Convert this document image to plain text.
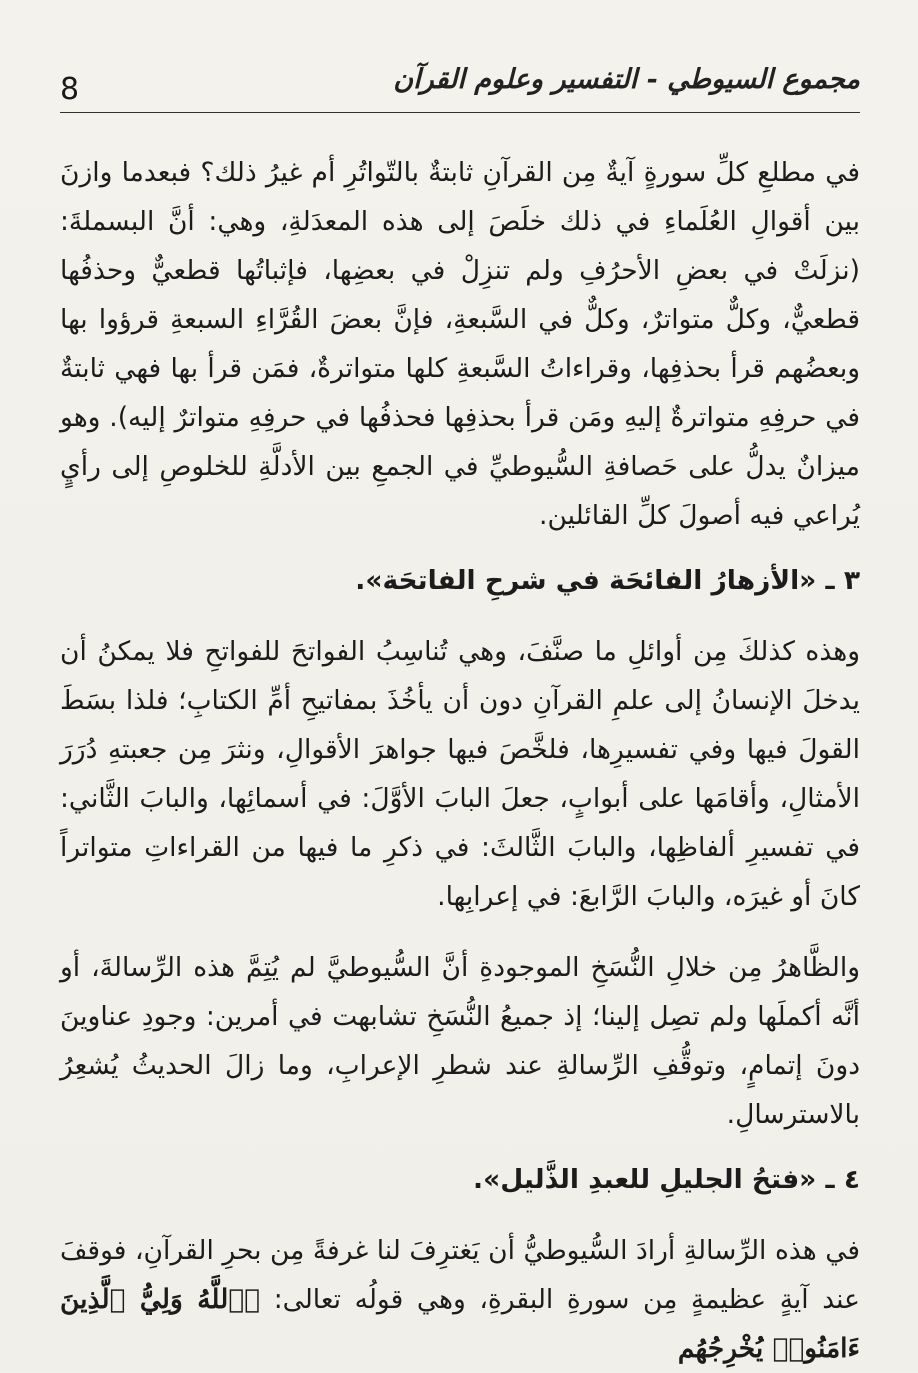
8	مجموع السيوطي - التفسير وعلوم القرآن

في مطلعِ كلِّ سورةٍ آيةٌ مِن القرآنِ ثابتةٌ بالتّواتُرِ أم غيرُ ذلك؟ فبعدما وازنَ بين أقوالِ العُلَماءِ في ذلك خلَصَ إلى هذه المعدَلةِ، وهي: أنَّ البسملةَ: (نزلَتْ في بعضِ الأحرُفِ ولم تنزِلْ في بعضِها، فإثباتُها قطعيٌّ وحذفُها قطعيٌّ، وكلٌّ متواترٌ، وكلٌّ في السَّبعةِ، فإنَّ بعضَ القُرَّاءِ السبعةِ قرؤوا بها وبعضُهم قرأ بحذفِها، وقراءاتُ السَّبعةِ كلها متواترةٌ، فمَن قرأ بها فهي ثابتةٌ في حرفِهِ متواترةٌ إليهِ ومَن قرأ بحذفِها فحذفُها في حرفِهِ متواترٌ إليه). وهو ميزانٌ يدلُّ على حَصافةِ السُّيوطيِّ في الجمعِ بين الأدلَّةِ للخلوصِ إلى رأيٍ يُراعي فيه أصولَ كلِّ القائلين.

٣ ـ «الأزهارُ الفائحَة في شرحِ الفاتحَة».

وهذه كذلكَ مِن أوائلِ ما صنَّفَ، وهي تُناسِبُ الفواتحَ للفواتحِ فلا يمكنُ أن يدخلَ الإنسانُ إلى علمِ القرآنِ دون أن يأخُذَ بمفاتيحِ أمِّ الكتابِ؛ فلذا بسَطَ القولَ فيها وفي تفسيرِها، فلخَّصَ فيها جواهرَ الأقوالِ، ونثرَ مِن جعبتهِ دُرَرَ الأمثالِ، وأقامَها على أبوابٍ، جعلَ البابَ الأوَّلَ: في أسمائِها، والبابَ الثَّاني: في تفسيرِ ألفاظِها، والبابَ الثَّالثَ: في ذكرِ ما فيها من القراءاتِ متواتراً كانَ أو غيرَه، والبابَ الرَّابعَ: في إعرابِها.

والظَّاهرُ مِن خلالِ النُّسَخِ الموجودةِ أنَّ السُّيوطيَّ لم يُتِمَّ هذه الرِّسالةَ، أو أنَّه أكملَها ولم تصِل إلينا؛ إذ جميعُ النُّسَخِ تشابهت في أمرين: وجودِ عناوينَ دونَ إتمامٍ، وتوقُّفِ الرِّسالةِ عند شطرِ الإعرابِ، وما زالَ الحديثُ يُشعِرُ بالاسترسالِ.

٤ ـ «فتحُ الجليلِ للعبدِ الذَّليل».

في هذه الرِّسالةِ أرادَ السُّيوطيُّ أن يَغترِفَ لنا غرفةً مِن بحرِ القرآنِ، فوقفَ عند آيةٍ عظيمةٍ مِن سورةِ البقرةِ، وهي قولُه تعالى: ﴿ٱللَّهُ وَلِيُّ ٱلَّذِينَ ءَامَنُوا۟ يُخْرِجُهُم
